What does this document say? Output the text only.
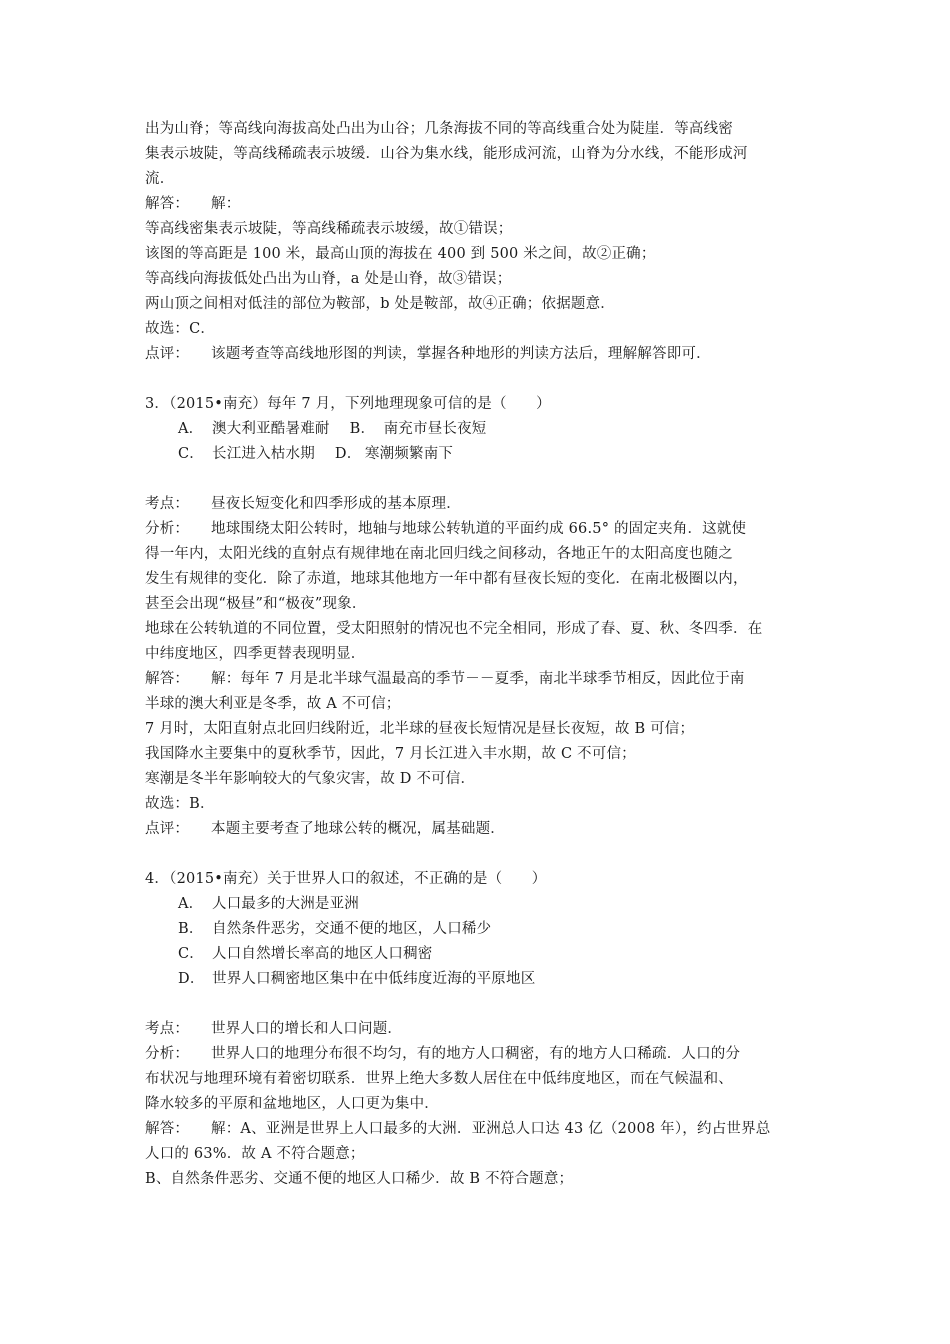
出为山脊；等高线向海拔高处凸出为山谷；几条海拔不同的等高线重合处为陡崖．等高线密
集表示坡陡，等高线稀疏表示坡缓．山谷为集水线，能形成河流，山脊为分水线，不能形成河
流．
解答： 解：
等高线密集表示坡陡，等高线稀疏表示坡缓，故①错误；
该图的等高距是 100 米，最高山顶的海拔在 400 到 500 米之间，故②正确；
等高线向海拔低处凸出为山脊，a 处是山脊，故③错误；
两山顶之间相对低洼的部位为鞍部，b 处是鞍部，故④正确；依据题意．
故选：C．
点评： 该题考查等高线地形图的判读，掌握各种地形的判读方法后，理解解答即可．
3．（2015•南充）每年 7 月，下列地理现象可信的是（　　）
A． 澳大利亚酷暑难耐 B． 南充市昼长夜短
C． 长江进入枯水期 D． 寒潮频繁南下
考点： 昼夜长短变化和四季形成的基本原理．
分析： 地球围绕太阳公转时，地轴与地球公转轨道的平面约成 66.5° 的固定夹角．这就使
得一年内，太阳光线的直射点有规律地在南北回归线之间移动，各地正午的太阳高度也随之
发生有规律的变化．除了赤道，地球其他地方一年中都有昼夜长短的变化．在南北极圈以内，
甚至会出现“极昼”和“极夜”现象．
地球在公转轨道的不同位置，受太阳照射的情况也不完全相同，形成了春、夏、秋、冬四季．在
中纬度地区，四季更替表现明显．
解答： 解：每年 7 月是北半球气温最高的季节－－夏季，南北半球季节相反，因此位于南
半球的澳大利亚是冬季，故 A 不可信；
7 月时，太阳直射点北回归线附近，北半球的昼夜长短情况是昼长夜短，故 B 可信；
我国降水主要集中的夏秋季节，因此，7 月长江进入丰水期，故 C 不可信；
寒潮是冬半年影响较大的气象灾害，故 D 不可信．
故选：B．
点评： 本题主要考查了地球公转的概况，属基础题．
4．（2015•南充）关于世界人口的叙述，不正确的是（　　）
A． 人口最多的大洲是亚洲
B． 自然条件恶劣，交通不便的地区，人口稀少
C． 人口自然增长率高的地区人口稠密
D． 世界人口稠密地区集中在中低纬度近海的平原地区
考点： 世界人口的增长和人口问题．
分析： 世界人口的地理分布很不均匀，有的地方人口稠密，有的地方人口稀疏．人口的分
布状况与地理环境有着密切联系．世界上绝大多数人居住在中低纬度地区，而在气候温和、
降水较多的平原和盆地地区，人口更为集中．
解答： 解：A、亚洲是世界上人口最多的大洲．亚洲总人口达 43 亿（2008 年），约占世界总
人口的 63%．故 A 不符合题意；
B、自然条件恶劣、交通不便的地区人口稀少．故 B 不符合题意；
